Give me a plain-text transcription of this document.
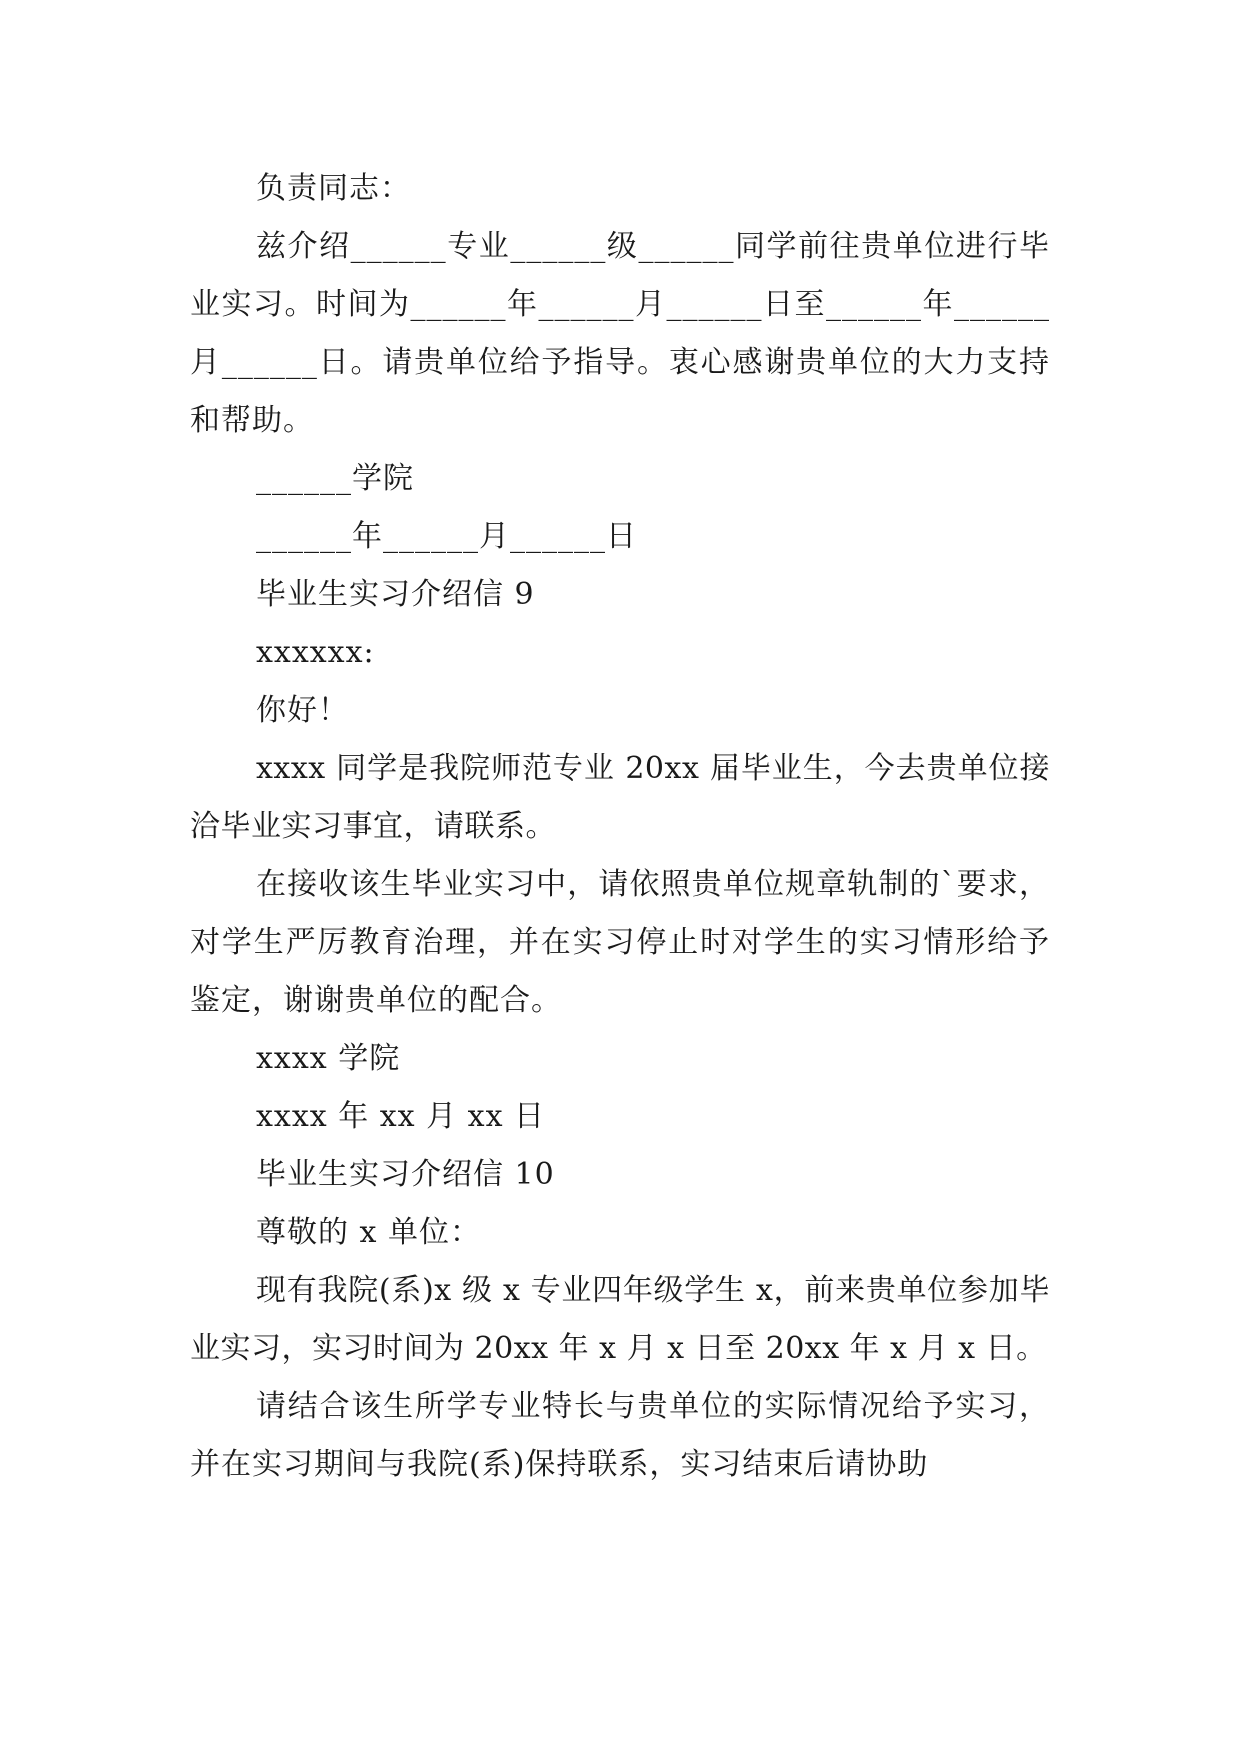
负责同志：

兹介绍______专业______级______同学前往贵单位进行毕业实习。时间为______年______月______日至______年______月______日。请贵单位给予指导。衷心感谢贵单位的大力支持和帮助。

______学院

______年______月______日

毕业生实习介绍信 9

xxxxxx:

你好！

xxxx 同学是我院师范专业 20xx 届毕业生，今去贵单位接洽毕业实习事宜，请联系。

在接收该生毕业实习中，请依照贵单位规章轨制的`要求，对学生严厉教育治理，并在实习停止时对学生的实习情形给予鉴定，谢谢贵单位的配合。

xxxx 学院

xxxx 年 xx 月 xx 日

毕业生实习介绍信 10

尊敬的 x 单位：

现有我院(系)x 级 x 专业四年级学生 x，前来贵单位参加毕业实习，实习时间为 20xx 年 x 月 x 日至 20xx 年 x 月 x 日。

请结合该生所学专业特长与贵单位的实际情况给予实习，并在实习期间与我院(系)保持联系，实习结束后请协助
